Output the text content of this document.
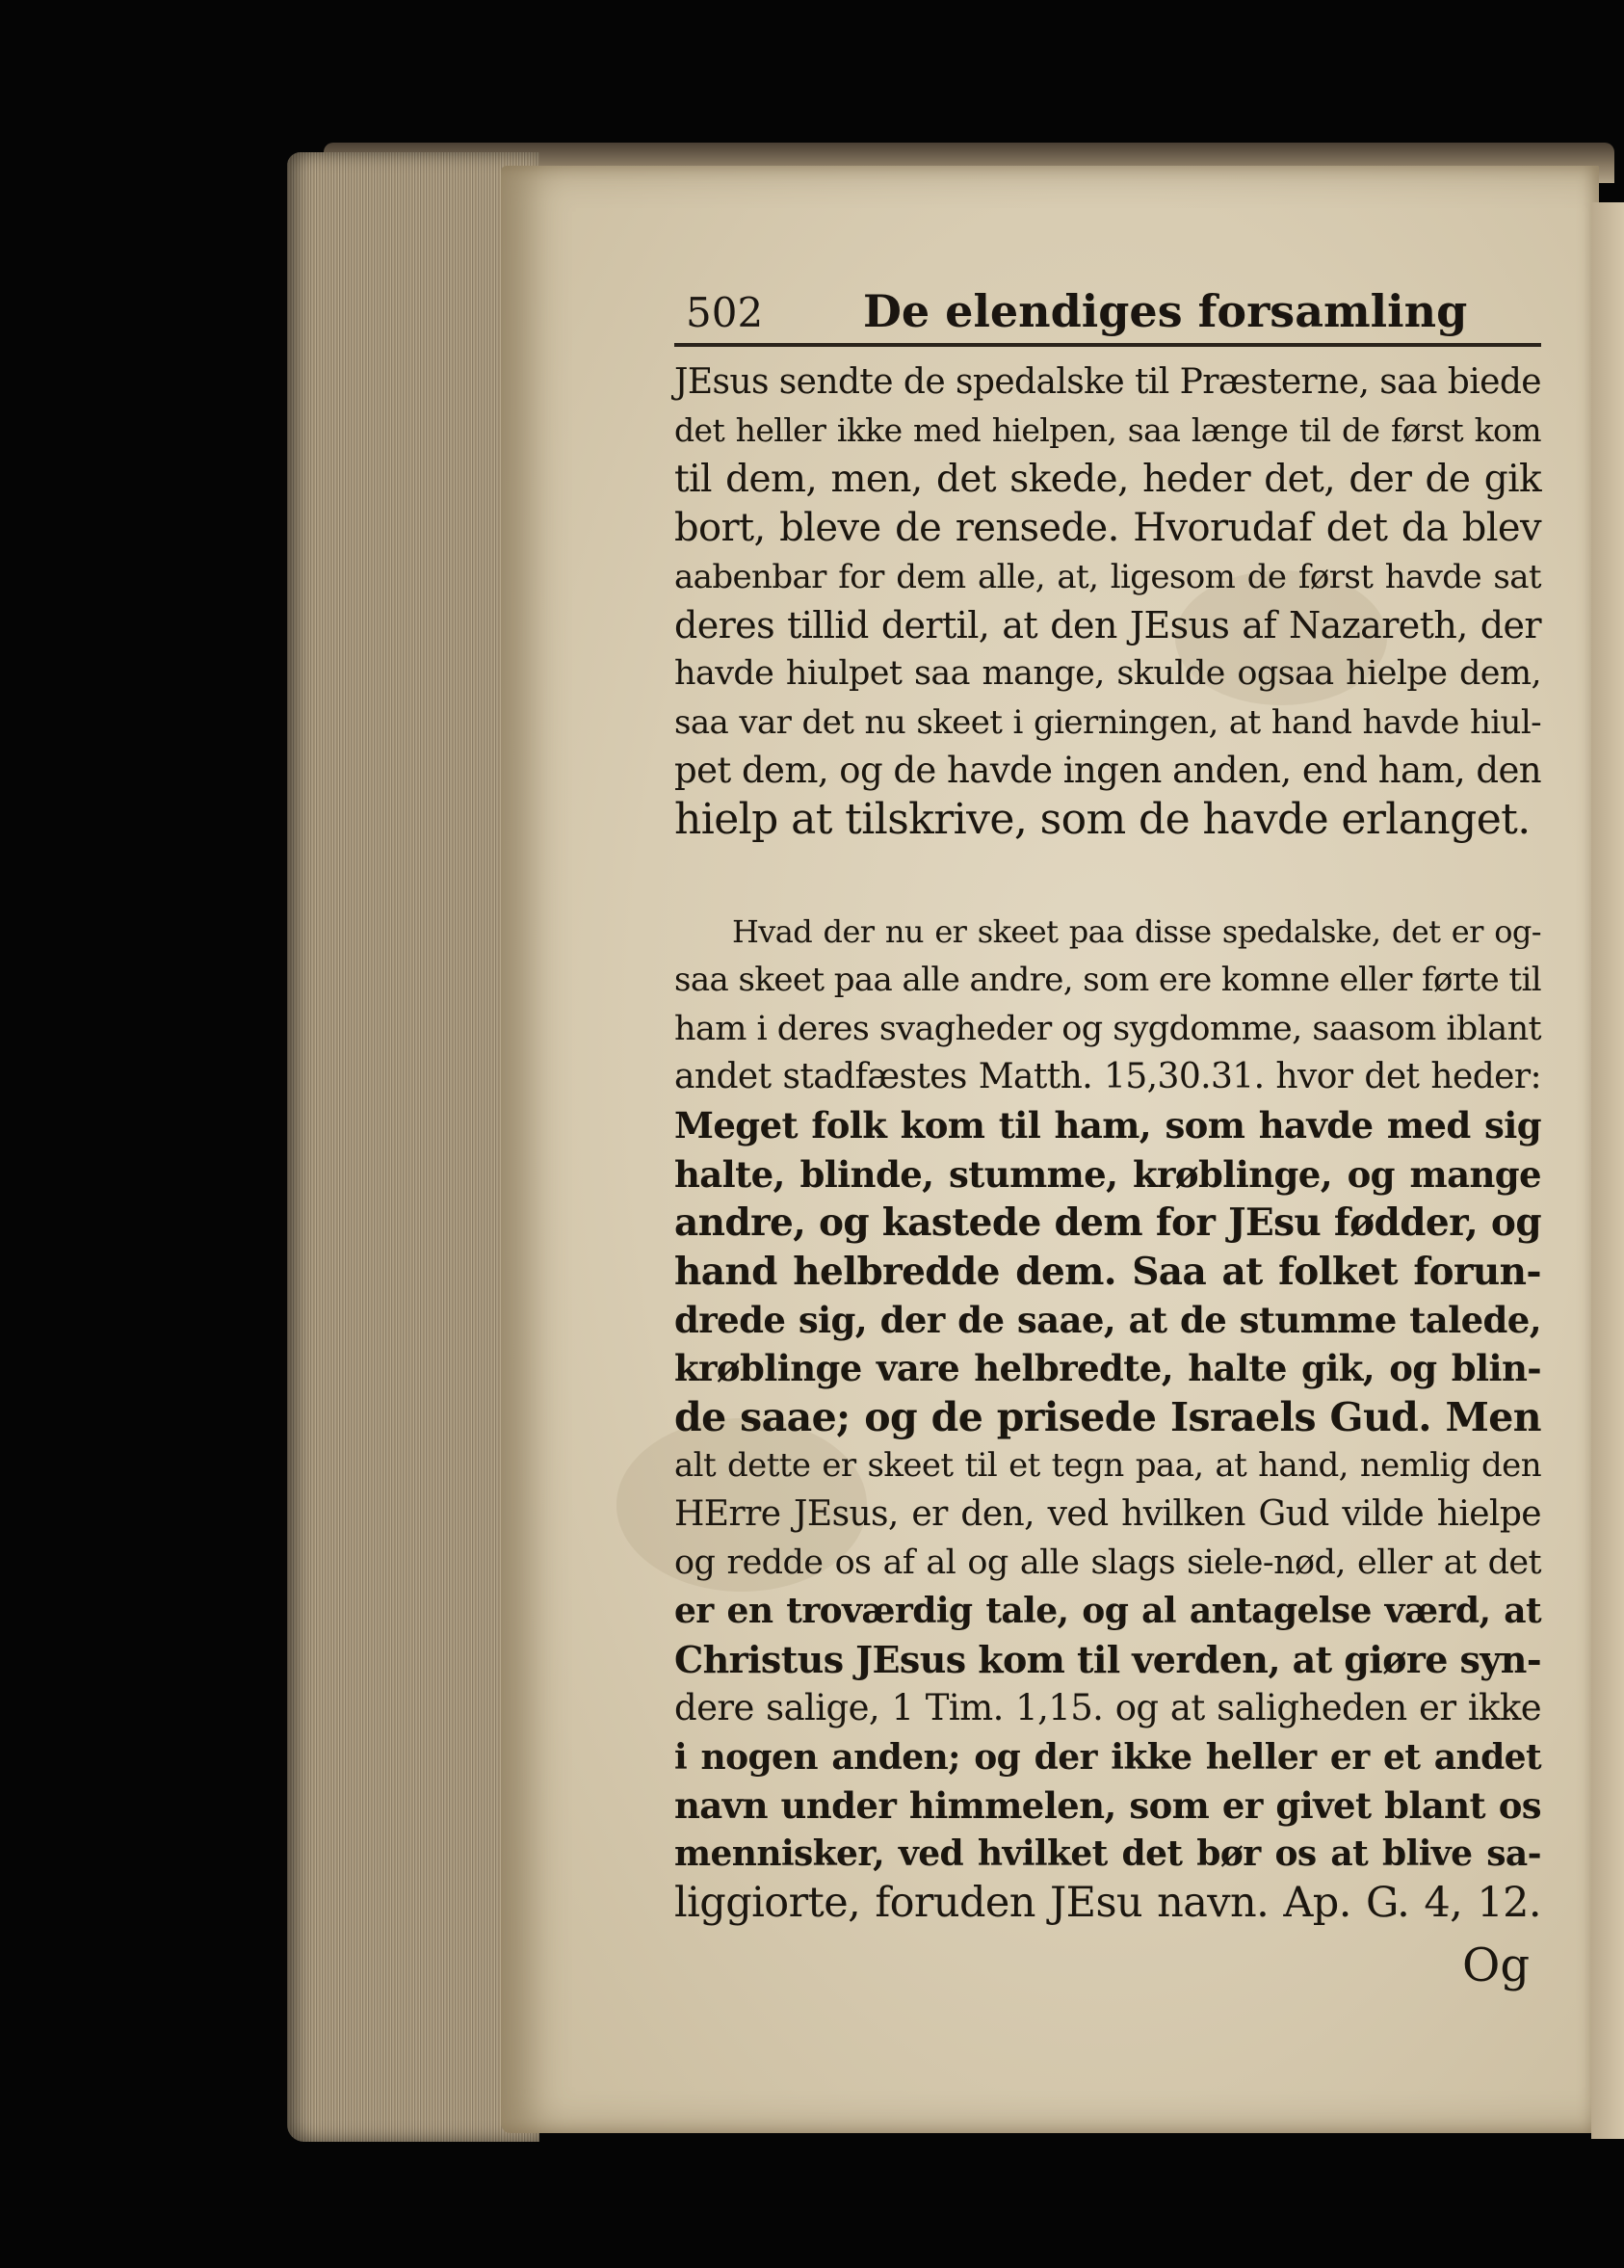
502 De elendiges forsamling
JEsus sendte de spedalske til Præsterne, saa biede
det heller ikke med hielpen, saa længe til de først kom
til dem, men, det skede, heder det, der de gik
bort, bleve de rensede. Hvorudaf det da blev
aabenbar for dem alle, at, ligesom de først havde sat
deres tillid dertil, at den JEsus af Nazareth, der
havde hiulpet saa mange, skulde ogsaa hielpe dem,
saa var det nu skeet i gierningen, at hand havde hiul-
pet dem, og de havde ingen anden, end ham, den
hielp at tilskrive, som de havde erlanget.
Hvad der nu er skeet paa disse spedalske, det er og-
saa skeet paa alle andre, som ere komne eller førte til
ham i deres svagheder og sygdomme, saasom iblant
andet stadfæstes Matth. 15,30.31. hvor det heder:
Meget folk kom til ham, som havde med sig
halte, blinde, stumme, krøblinge, og mange
andre, og kastede dem for JEsu fødder, og
hand helbredde dem. Saa at folket forun-
drede sig, der de saae, at de stumme talede,
krøblinge vare helbredte, halte gik, og blin-
de saae; og de prisede Israels Gud. Men
alt dette er skeet til et tegn paa, at hand, nemlig den
HErre JEsus, er den, ved hvilken Gud vilde hielpe
og redde os af al og alle slags siele-nød, eller at det
er en troværdig tale, og al antagelse værd, at
Christus JEsus kom til verden, at giøre syn-
dere salige, 1 Tim. 1,15. og at saligheden er ikke
i nogen anden; og der ikke heller er et andet
navn under himmelen, som er givet blant os
mennisker, ved hvilket det bør os at blive sa-
liggiorte, foruden JEsu navn. Ap. G. 4, 12.
Og
